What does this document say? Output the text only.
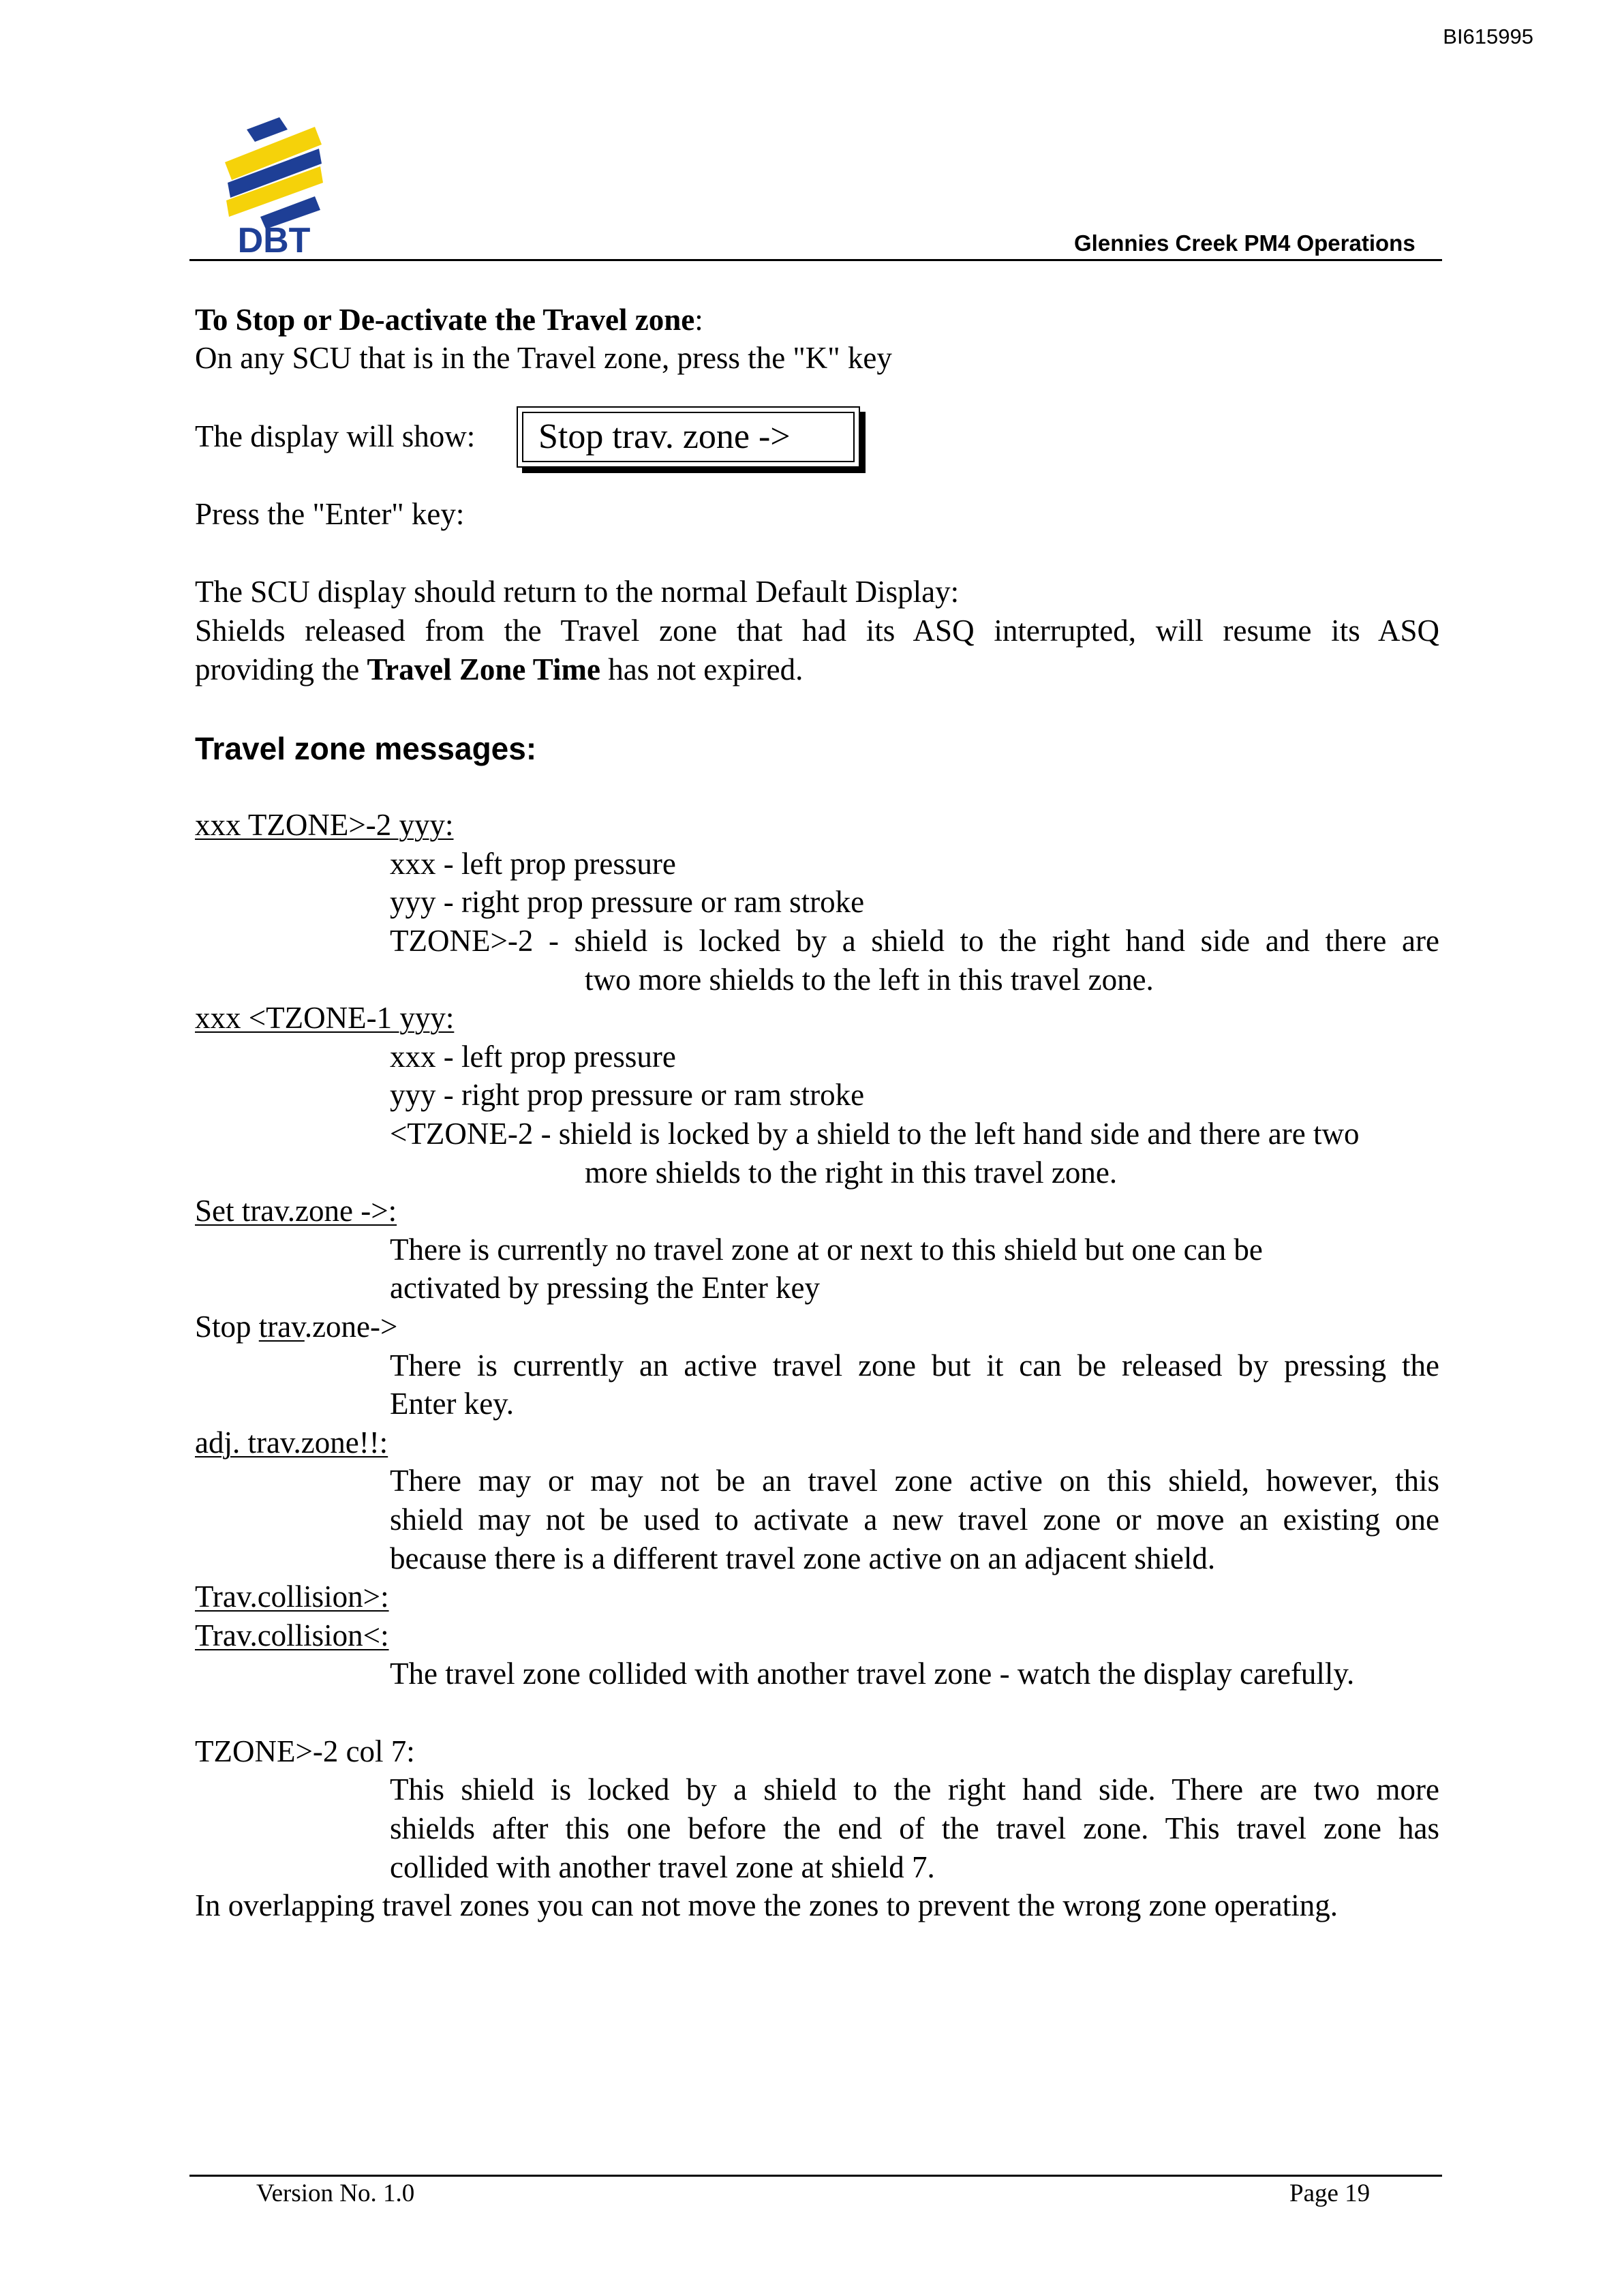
BI615995
DBT	Glennies Creek PM4 Operations
To Stop or De-activate the Travel zone:
On any SCU that is in the Travel zone, press the "K" key
The display will show:	Stop trav. zone ->
Press the "Enter" key:
The SCU display should return to the normal Default Display:
Shields released from the Travel zone that had its ASQ interrupted, will resume its ASQ
providing the Travel Zone Time has not expired.
Travel zone messages:
xxx TZONE>-2 yyy:
xxx - left prop pressure
yyy - right prop pressure or ram stroke
TZONE>-2 - shield is locked by a shield to the right hand side and there are
two more shields to the left in this travel zone.
xxx <TZONE-1 yyy:
xxx - left prop pressure
yyy - right prop pressure or ram stroke
<TZONE-2 - shield is locked by a shield to the left hand side and there are two
more shields to the right in this travel zone.
Set trav.zone ->:
There is currently no travel zone at or next to this shield but one can be
activated by pressing the Enter key
Stop trav.zone->
There is currently an active travel zone but it can be released by pressing the
Enter key.
adj. trav.zone!!:
There may or may not be an travel zone active on this shield, however, this
shield may not be used to activate a new travel zone or move an existing one
because there is a different travel zone active on an adjacent shield.
Trav.collision>:
Trav.collision<:
The travel zone collided with another travel zone - watch the display carefully.
TZONE>-2 col 7:
This shield is locked by a shield to the right hand side. There are two more
shields after this one before the end of the travel zone. This travel zone has
collided with another travel zone at shield 7.
In overlapping travel zones you can not move the zones to prevent the wrong zone operating.
Version No. 1.0	Page 19
